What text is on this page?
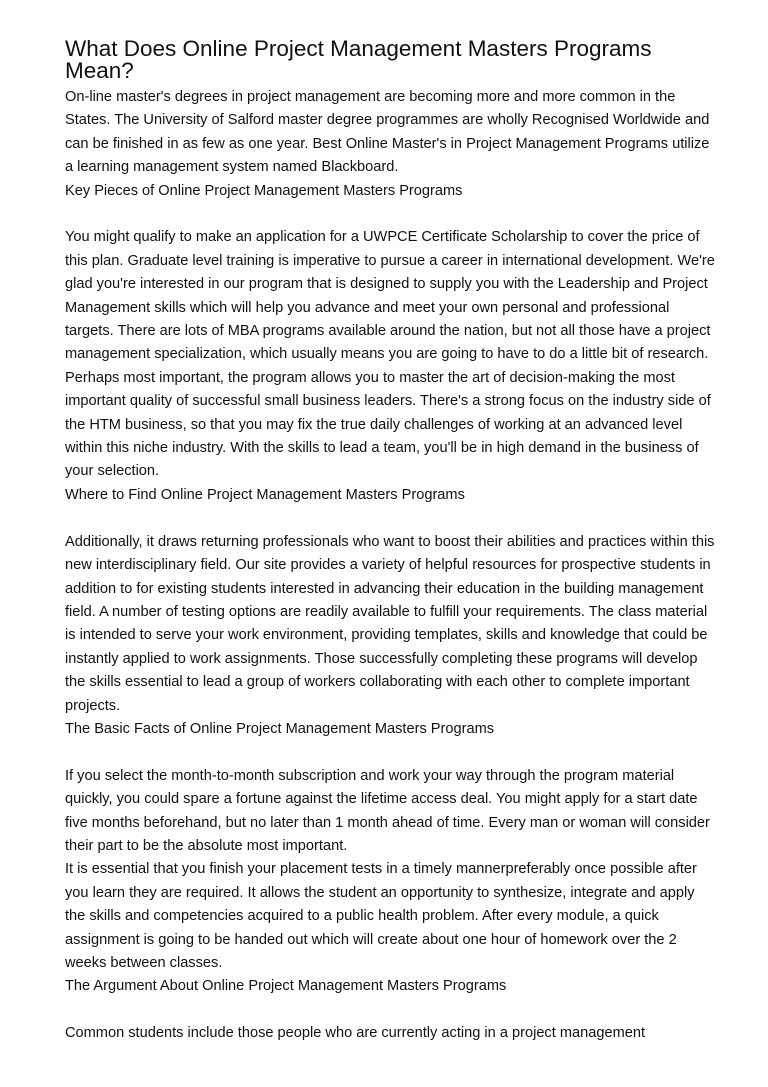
What Does Online Project Management Masters Programs Mean?

On-line master's degrees in project management are becoming more and more common in the States. The University of Salford master degree programmes are wholly Recognised Worldwide and can be finished in as few as one year. Best Online Master's in Project Management Programs utilize a learning management system named Blackboard.

Key Pieces of Online Project Management Masters Programs

You might qualify to make an application for a UWPCE Certificate Scholarship to cover the price of this plan. Graduate level training is imperative to pursue a career in international development. We're glad you're interested in our program that is designed to supply you with the Leadership and Project Management skills which will help you advance and meet your own personal and professional targets. There are lots of MBA programs available around the nation, but not all those have a project management specialization, which usually means you are going to have to do a little bit of research.

Perhaps most important, the program allows you to master the art of decision-making the most important quality of successful small business leaders. There's a strong focus on the industry side of the HTM business, so that you may fix the true daily challenges of working at an advanced level within this niche industry. With the skills to lead a team, you'll be in high demand in the business of your selection.

Where to Find Online Project Management Masters Programs

Additionally, it draws returning professionals who want to boost their abilities and practices within this new interdisciplinary field. Our site provides a variety of helpful resources for prospective students in addition to for existing students interested in advancing their education in the building management field. A number of testing options are readily available to fulfill your requirements. The class material is intended to serve your work environment, providing templates, skills and knowledge that could be instantly applied to work assignments. Those successfully completing these programs will develop the skills essential to lead a group of workers collaborating with each other to complete important projects.

The Basic Facts of Online Project Management Masters Programs

If you select the month-to-month subscription and work your way through the program material quickly, you could spare a fortune against the lifetime access deal. You might apply for a start date five months beforehand, but no later than 1 month ahead of time. Every man or woman will consider their part to be the absolute most important.

It is essential that you finish your placement tests in a timely mannerpreferably once possible after you learn they are required. It allows the student an opportunity to synthesize, integrate and apply the skills and competencies acquired to a public health problem. After every module, a quick assignment is going to be handed out which will create about one hour of homework over the 2 weeks between classes.

The Argument About Online Project Management Masters Programs

Common students include those people who are currently acting in a project management
